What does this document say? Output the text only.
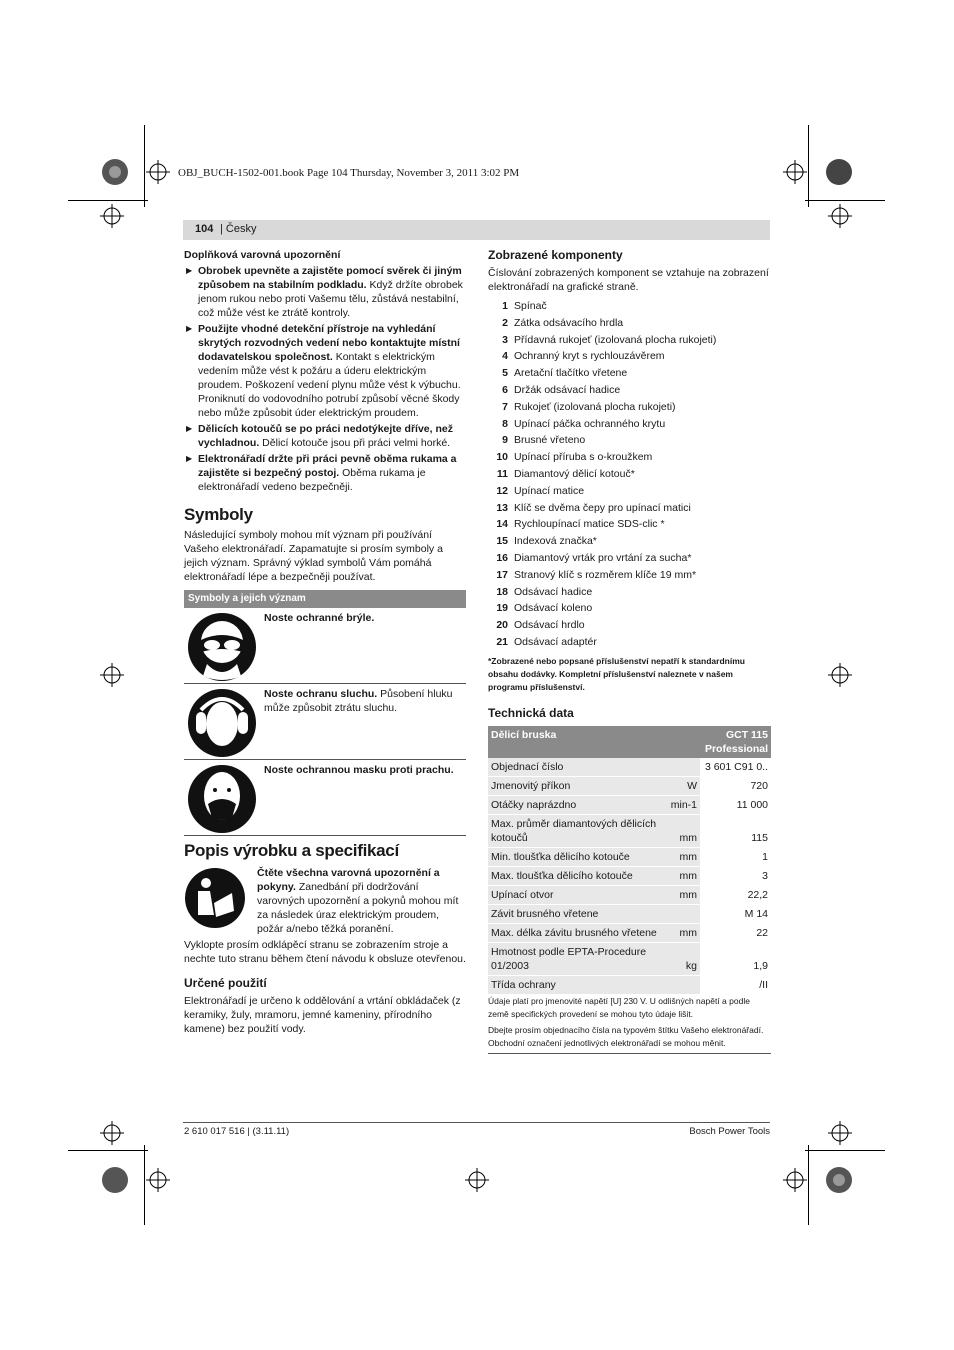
OBJ_BUCH-1502-001.book Page 104 Thursday, November 3, 2011 3:02 PM
104 | Česky

Doplňková varovná upozornění

▶ Obrobek upevněte a zajistěte pomocí svěrek či jiným způsobem na stabilním podkladu. Když držíte obrobek jenom rukou nebo proti Vašemu tělu, zůstává nestabilní, což může vést ke ztrátě kontroly.

▶ Použijte vhodné detekční přístroje na vyhledání skrytých rozvodných vedení nebo kontaktujte místní dodavatelskou společnost. Kontakt s elektrickým vedením může vést k požáru a úderu elektrickým proudem. Poškození vedení plynu může vést k výbuchu. Proniknutí do vodovodního potrubí způsobí věcné škody nebo může způsobit úder elektrickým proudem.

▶ Dělicích kotoučů se po práci nedotýkejte dříve, než vychladnou. Dělicí kotouče jsou při práci velmi horké.

▶ Elektronářadí držte při práci pevně oběma rukama a zajistěte si bezpečný postoj. Oběma rukama je elektronářadí vedeno bezpečněji.

Symboly

Následující symboly mohou mít význam při používání Vašeho elektronářadí. Zapamatujte si prosím symboly a jejich význam. Správný výklad symbolů Vám pomáhá elektronářadí lépe a bezpečněji používat.

Symboly a jejich význam
Noste ochranné brýle.
Noste ochranu sluchu. Působení hluku může způsobit ztrátu sluchu.
Noste ochrannou masku proti prachu.
Popis výrobku a specifikací

Čtěte všechna varovná upozornění a pokyny. Zanedbání při dodržování varovných upozornění a pokynů mohou mít za následek úraz elektrickým proudem, požár a/nebo těžká poranění.

Vyklopte prosím odklápěcí stranu se zobrazením stroje a nechte tuto stranu během čtení návodu k obsluze otevřenou.

Určené použití

Elektronářadí je určeno k oddělování a vrtání obkládaček (z keramiky, žuly, mramoru, jemné kameniny, přírodního kamene) bez použití vody.

Zobrazené komponenty

Číslování zobrazených komponent se vztahuje na zobrazení elektronářadí na grafické straně.

1 Spínač
2 Zátka odsávacího hrdla
3 Přídavná rukojeť (izolovaná plocha rukojeti)
4 Ochranný kryt s rychlouzávěrem
5 Aretační tlačítko vřetene
6 Držák odsávací hadice
7 Rukojeť (izolovaná plocha rukojeti)
8 Upínací páčka ochranného krytu
9 Brusné vřeteno
10 Upínací příruba s o-kroužkem
11 Diamantový dělicí kotouč*
12 Upínací matice
13 Klíč se dvěma čepy pro upínací matici
14 Rychloupínací matice SDS-clic *
15 Indexová značka*
16 Diamantový vrták pro vrtání za sucha*
17 Stranový klíč s rozměrem klíče 19 mm*
18 Odsávací hadice
19 Odsávací koleno
20 Odsávací hrdlo
21 Odsávací adaptér

*Zobrazené nebo popsané příslušenství nepatří k standardnímu obsahu dodávky. Kompletní příslušenství naleznete v našem programu příslušenství.

Technická data
Dělicí bruska		GCT 115
Professional

Objednací číslo		3 601 C91 0..
Jmenovitý příkon	W	720
Otáčky naprázdno	min-1	11 000
Max. průměr diamantových dělicích kotoučů	mm	115
Min. tloušťka dělicího kotouče	mm	1
Max. tloušťka dělicího kotouče	mm	3
Upínací otvor	mm	22,2
Závit brusného vřetene		M 14
Max. délka závitu brusného vřetene	mm	22
Hmotnost podle EPTA-Procedure 01/2003	kg	1,9
Třída ochrany		/II

Údaje platí pro jmenovité napětí [U] 230 V. U odlišných napětí a podle země specifických provedení se mohou tyto údaje lišit.

Dbejte prosím objednacího čísla na typovém štítku Vašeho elektronářadí. Obchodní označení jednotlivých elektronářadí se mohou měnit.

2 610 017 516 | (3.11.11)	Bosch Power Tools
